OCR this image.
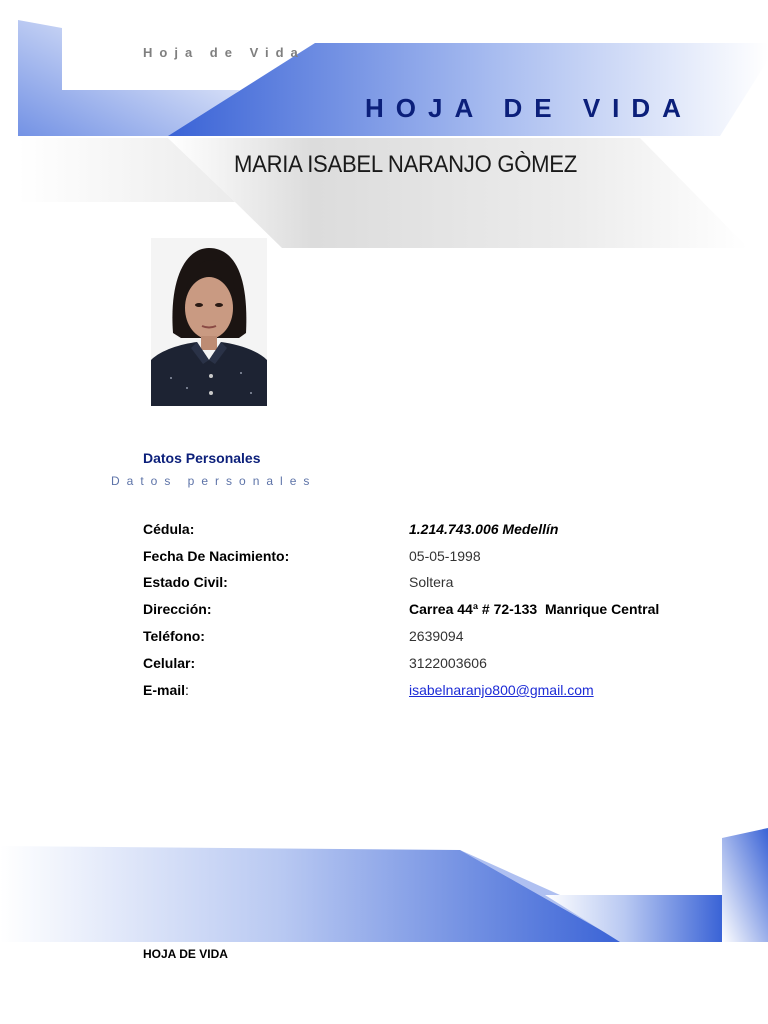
Hoja de Vida
HOJA DE VIDA
MARIA ISABEL NARANJO GÒMEZ
Datos Personales
Datos personales
Cédula:	1.214.743.006 Medellín
Fecha De Nacimiento:	05-05-1998
Estado Civil:	Soltera
Dirección:	Carrea 44ª # 72-133  Manrique Central
Teléfono:	2639094
Celular:	3122003606
E-mail:	isabelnaranjo800@gmail.com
HOJA DE VIDA
